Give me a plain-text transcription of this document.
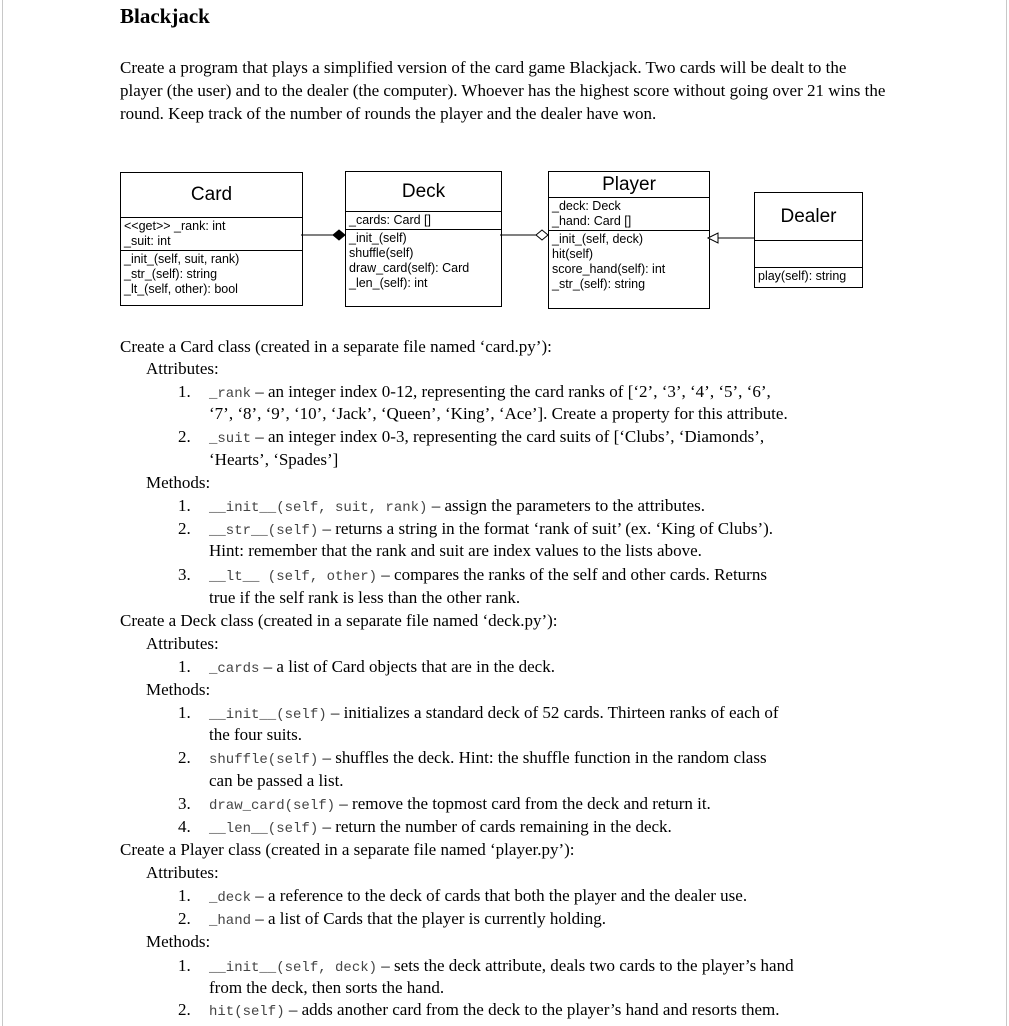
Blackjack

Create a program that plays a simplified version of the card game Blackjack. Two cards will be dealt to the player (the user) and to the dealer (the computer). Whoever has the highest score without going over 21 wins the round. Keep track of the number of rounds the player and the dealer have won.

Card
<<get>> _rank: int
_suit: int
_init_(self, suit, rank)
_str_(self): string
_lt_(self, other): bool
Deck
_cards: Card []
_init_(self)
shuffle(self)
draw_card(self): Card
_len_(self): int
Player
_deck: Deck
_hand: Card []
_init_(self, deck)
hit(self)
score_hand(self): int
_str_(self): string
Dealer
play(self): string
Create a Card class (created in a separate file named ‘card.py’):
Attributes:
1.	_rank – an integer index 0-12, representing the card ranks of [‘2’, ‘3’, ‘4’, ‘5’, ‘6’,
‘7’, ‘8’, ‘9’, ‘10’, ‘Jack’, ‘Queen’, ‘King’, ‘Ace’]. Create a property for this attribute.
2.	_suit – an integer index 0-3, representing the card suits of [‘Clubs’, ‘Diamonds’,
‘Hearts’, ‘Spades’]
Methods:
1.	__init__(self, suit, rank) – assign the parameters to the attributes.
2.	__str__(self) – returns a string in the format ‘rank of suit’ (ex. ‘King of Clubs’).
Hint: remember that the rank and suit are index values to the lists above.
3.	__lt__ (self, other) – compares the ranks of the self and other cards. Returns
true if the self rank is less than the other rank.
Create a Deck class (created in a separate file named ‘deck.py’):
Attributes:
1.	_cards – a list of Card objects that are in the deck.
Methods:
1.	__init__(self) – initializes a standard deck of 52 cards. Thirteen ranks of each of
the four suits.
2.	shuffle(self) – shuffles the deck. Hint: the shuffle function in the random class
can be passed a list.
3.	draw_card(self) – remove the topmost card from the deck and return it.
4.	__len__(self) – return the number of cards remaining in the deck.
Create a Player class (created in a separate file named ‘player.py’):
Attributes:
1.	_deck – a reference to the deck of cards that both the player and the dealer use.
2.	_hand – a list of Cards that the player is currently holding.
Methods:
1.	__init__(self, deck) – sets the deck attribute, deals two cards to the player’s hand
from the deck, then sorts the hand.
2.	hit(self) – adds another card from the deck to the player’s hand and resorts them.
